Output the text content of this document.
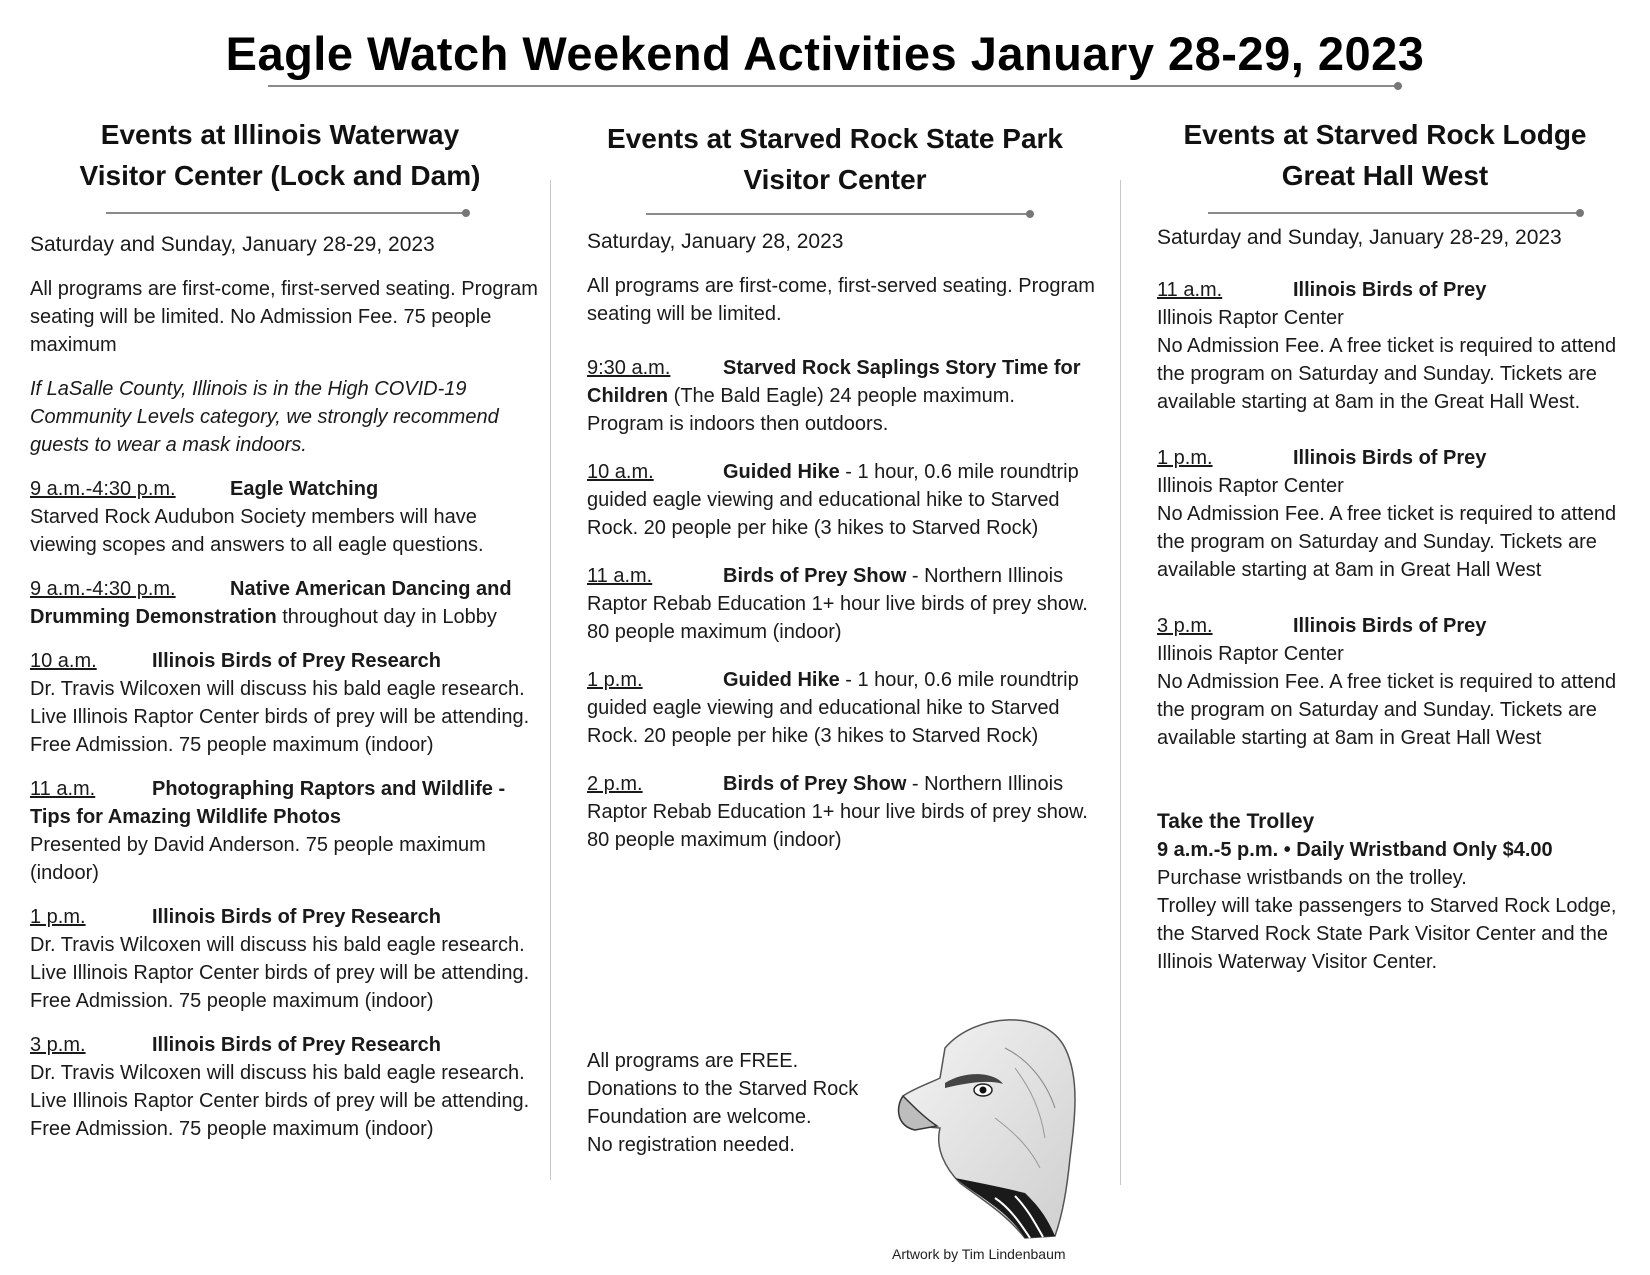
Eagle Watch Weekend Activities January 28-29, 2023
Events at Illinois Waterway
Visitor Center (Lock and Dam)

Saturday and Sunday, January 28-29, 2023

All programs are first-come, first-served seating. Program seating will be limited. No Admission Fee. 75 people maximum

If LaSalle County, Illinois is in the High COVID-19 Community Levels category, we strongly recommend guests to wear a mask indoors.

9 a.m.-4:30 p.m.	Eagle Watching
Starved Rock Audubon Society members will have viewing scopes and answers to all eagle questions.
9 a.m.-4:30 p.m.	Native American Dancing and Drumming Demonstration throughout day in Lobby
10 a.m.	Illinois Birds of Prey Research
Dr. Travis Wilcoxen will discuss his bald eagle research. Live Illinois Raptor Center birds of prey will be attending. Free Admission. 75 people maximum (indoor)
11 a.m.	Photographing Raptors and Wildlife - Tips for Amazing Wildlife Photos
Presented by David Anderson. 75 people maximum (indoor)
1 p.m.	Illinois Birds of Prey Research
Dr. Travis Wilcoxen will discuss his bald eagle research. Live Illinois Raptor Center birds of prey will be attending. Free Admission. 75 people maximum (indoor)
3 p.m.	Illinois Birds of Prey Research
Dr. Travis Wilcoxen will discuss his bald eagle research. Live Illinois Raptor Center birds of prey will be attending. Free Admission. 75 people maximum (indoor)
Events at Starved Rock State Park
Visitor Center

Saturday, January 28, 2023

All programs are first-come, first-served seating. Program seating will be limited.

9:30 a.m.	Starved Rock Saplings Story Time for Children (The Bald Eagle) 24 people maximum. Program is indoors then outdoors.
10 a.m.	Guided Hike - 1 hour, 0.6 mile roundtrip guided eagle viewing and educational hike to Starved Rock. 20 people per hike (3 hikes to Starved Rock)
11 a.m.	Birds of Prey Show - Northern Illinois Raptor Rebab Education 1+ hour live birds of prey show. 80 people maximum (indoor)
1 p.m.	Guided Hike - 1 hour, 0.6 mile roundtrip guided eagle viewing and educational hike to Starved Rock. 20 people per hike (3 hikes to Starved Rock)
2 p.m.	Birds of Prey Show - Northern Illinois Raptor Rebab Education 1+ hour live birds of prey show. 80 people maximum (indoor)
All programs are FREE.
Donations to the Starved Rock
Foundation are welcome.
No registration needed.
Artwork by Tim Lindenbaum
Events at Starved Rock Lodge
Great Hall West

Saturday and Sunday, January 28-29, 2023

11 a.m.	Illinois Birds of Prey
Illinois Raptor Center
No Admission Fee. A free ticket is required to attend the program on Saturday and Sunday. Tickets are available starting at 8am in the Great Hall West.
1 p.m.	Illinois Birds of Prey
Illinois Raptor Center
No Admission Fee. A free ticket is required to attend the program on Saturday and Sunday. Tickets are available starting at 8am in Great Hall West
3 p.m.	Illinois Birds of Prey
Illinois Raptor Center
No Admission Fee. A free ticket is required to attend the program on Saturday and Sunday. Tickets are available starting at 8am in Great Hall West
Take the Trolley
9 a.m.-5 p.m. • Daily Wristband Only $4.00
Purchase wristbands on the trolley.
Trolley will take passengers to Starved Rock Lodge, the Starved Rock State Park Visitor Center and the Illinois Waterway Visitor Center.
